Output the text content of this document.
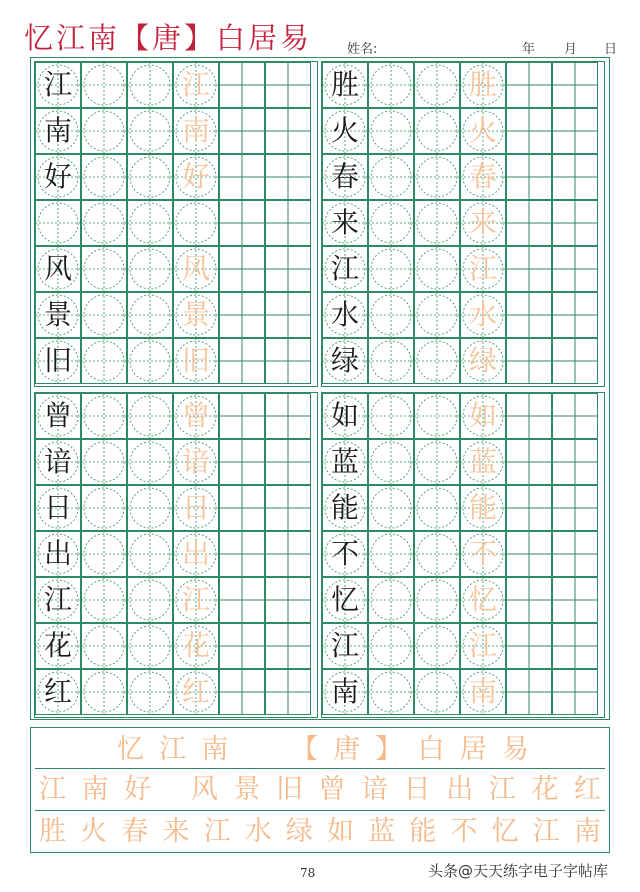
忆江南【唐】白居易	姓名:	年 月 日
江	江
南	南
好	好
风	风
景	景
旧	旧
胜	胜
火	火
春	春
来	来
江	江
水	水
绿	绿
曾	曾
谙	谙
日	日
出	出
江	江
花	花
红	红
如	如
蓝	蓝
能	能
不	不
忆	忆
江	江
南	南
忆 江 南

【 唐 】 白 居 易
江 南 好
风 景 旧 曾 谙 日 出 江 花 红
胜 火 春 来 江 水 绿 如 蓝 能 不 忆 江 南
78	头条@天天练字电子字帖库
